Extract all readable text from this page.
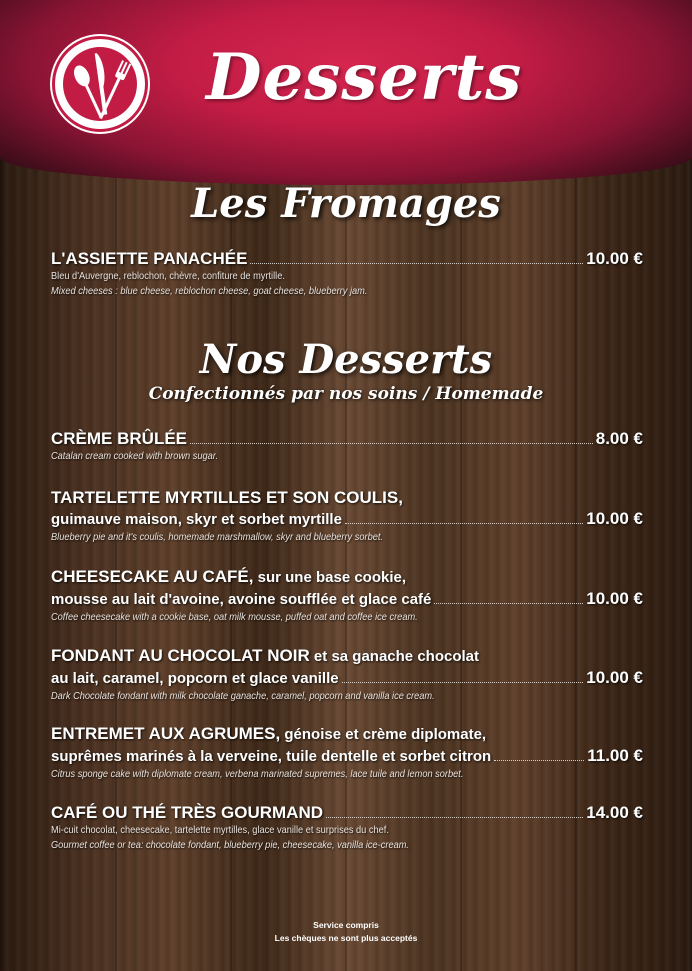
Desserts
Les Fromages
L'ASSIETTE PANACHÉE	10.00 €
Bleu d'Auvergne, reblochon, chèvre, confiture de myrtille.
Mixed cheeses : blue cheese, reblochon cheese, goat cheese, blueberry jam.
Nos Desserts
Confectionnés par nos soins / Homemade
CRÈME BRÛLÉE	8.00 €
Catalan cream cooked with brown sugar.
TARTELETTE MYRTILLES ET SON COULIS,
guimauve maison, skyr et sorbet myrtille	10.00 €
Blueberry pie and it's coulis, homemade marshmallow, skyr and blueberry sorbet.
CHEESECAKE AU CAFÉ, sur une base cookie,
mousse au lait d'avoine, avoine soufflée et glace café	10.00 €
Coffee cheesecake with a cookie base, oat milk mousse, puffed oat and coffee ice cream.
FONDANT AU CHOCOLAT NOIR et sa ganache chocolat
au lait, caramel, popcorn et glace vanille	10.00 €
Dark Chocolate fondant with milk chocolate ganache, caramel, popcorn and vanilla ice cream.
ENTREMET AUX AGRUMES, génoise et crème diplomate,
suprêmes marinés à la verveine, tuile dentelle et sorbet citron	11.00 €
Citrus sponge cake with diplomate cream, verbena marinated supremes, lace tuile and lemon sorbet.
CAFÉ OU THÉ TRÈS GOURMAND	14.00 €
Mi-cuit chocolat, cheesecake, tartelette myrtilles, glace vanille et surprises du chef.
Gourmet coffee or tea: chocolate fondant, blueberry pie, cheesecake, vanilla ice-cream.
Service compris
Les chèques ne sont plus acceptés
